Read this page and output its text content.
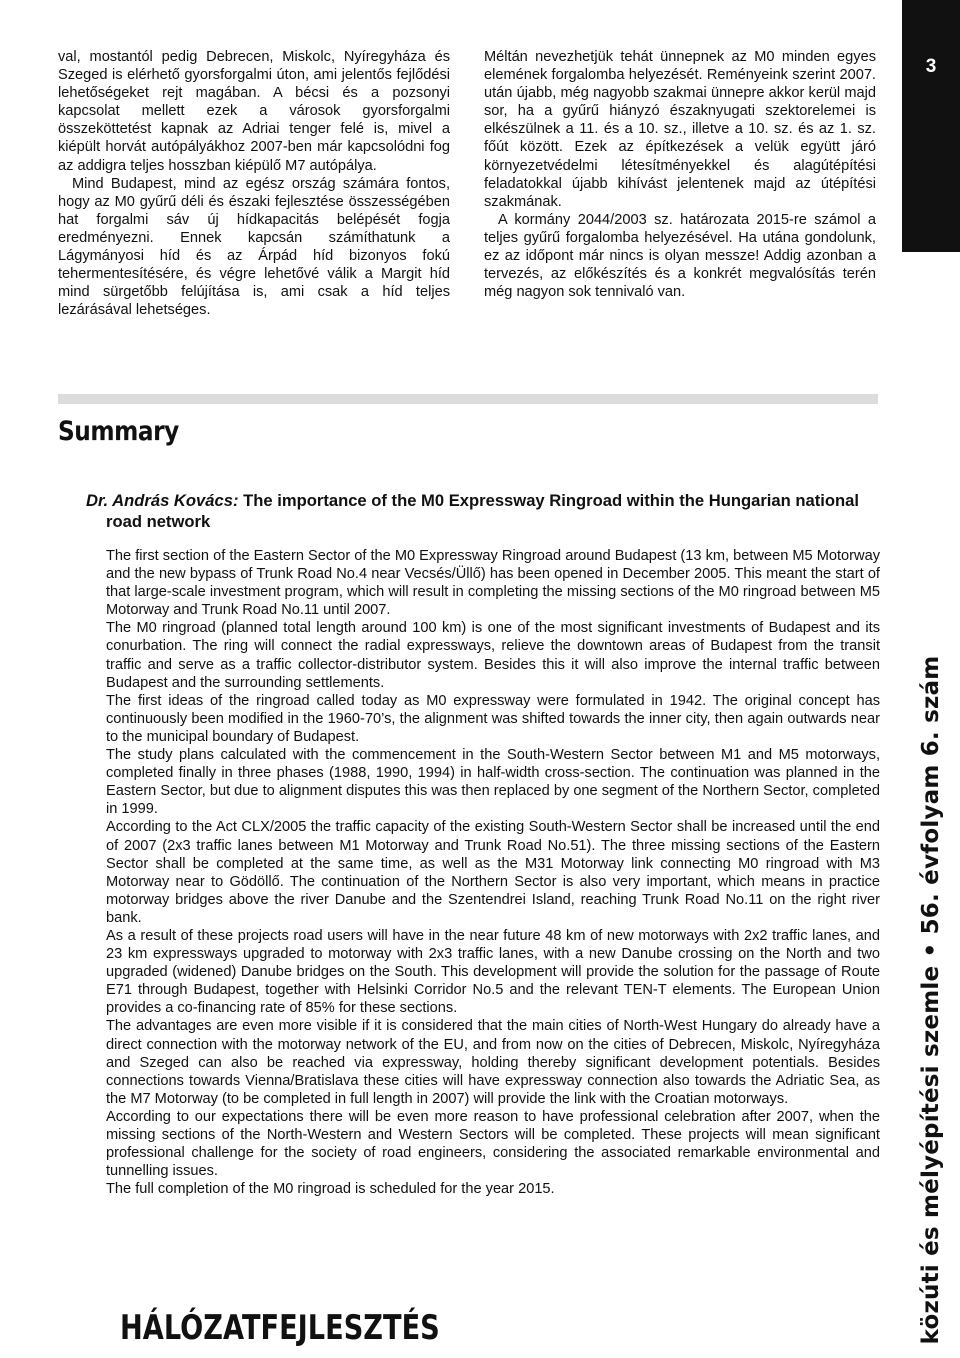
3

val, mostantól pedig Debrecen, Miskolc, Nyíregyháza és Szeged is elérhető gyorsforgalmi úton, ami jelentős fejlődési lehetőségeket rejt magában. A bécsi és a pozsonyi kapcsolat mellett ezek a városok gyorsforgalmi összeköttetést kapnak az Adriai tenger felé is, mivel a kiépült horvát autópályákhoz 2007-ben már kapcsolódni fog az addigra teljes hosszban kiépülő M7 autópálya.

Mind Budapest, mind az egész ország számára fontos, hogy az M0 gyűrű déli és északi fejlesztése összességében hat forgalmi sáv új hídkapacitás belépését fogja eredményezni. Ennek kapcsán számíthatunk a Lágymányosi híd és az Árpád híd bizonyos fokú tehermentesítésére, és végre lehetővé válik a Margit híd mind sürgetőbb felújítása is, ami csak a híd teljes lezárásával lehetséges.

Méltán nevezhetjük tehát ünnepnek az M0 minden egyes elemének forgalomba helyezését. Reményeink szerint 2007. után újabb, még nagyobb szakmai ünnepre akkor kerül majd sor, ha a gyűrű hiányzó északnyugati szektorelemei is elkészülnek a 11. és a 10. sz., illetve a 10. sz. és az 1. sz. főút között. Ezek az építkezések a velük együtt járó környezetvédelmi létesítményekkel és alagútépítési feladatokkal újabb kihívást jelentenek majd az útépítési szakmának.

A kormány 2044/2003 sz. határozata 2015-re számol a teljes gyűrű forgalomba helyezésével. Ha utána gondolunk, ez az időpont már nincs is olyan messze! Addig azonban a tervezés, az előkészítés és a konkrét megvalósítás terén még nagyon sok tennivaló van.

Summary

Dr. András Kovács: The importance of the M0 Expressway Ringroad within the Hungarian national road network

The first section of the Eastern Sector of the M0 Expressway Ringroad around Budapest (13 km, between M5 Motorway and the new bypass of Trunk Road No.4 near Vecsés/Üllő) has been opened in December 2005. This meant the start of that large-scale investment program, which will result in completing the missing sections of the M0 ringroad between M5 Motorway and Trunk Road No.11 until 2007.

The M0 ringroad (planned total length around 100 km) is one of the most significant investments of Budapest and its conurbation. The ring will connect the radial expressways, relieve the downtown areas of Budapest from the transit traffic and serve as a traffic collector-distributor system. Besides this it will also improve the internal traffic between Budapest and the surrounding settlements.

The first ideas of the ringroad called today as M0 expressway were formulated in 1942. The original concept has continuously been modified in the 1960-70’s, the alignment was shifted towards the inner city, then again outwards near to the municipal boundary of Budapest.

The study plans calculated with the commencement in the South-Western Sector between M1 and M5 motorways, completed finally in three phases (1988, 1990, 1994) in half-width cross-section. The continuation was planned in the Eastern Sector, but due to alignment disputes this was then replaced by one segment of the Northern Sector, completed in 1999.

According to the Act CLX/2005 the traffic capacity of the existing South-Western Sector shall be increased until the end of 2007 (2x3 traffic lanes between M1 Motorway and Trunk Road No.51). The three missing sections of the Eastern Sector shall be completed at the same time, as well as the M31 Motorway link connecting M0 ringroad with M3 Motorway near to Gödöllő. The continuation of the Northern Sector is also very important, which means in practice motorway bridges above the river Danube and the Szentendrei Island, reaching Trunk Road No.11 on the right river bank.

As a result of these projects road users will have in the near future 48 km of new motorways with 2x2 traffic lanes, and 23 km expressways upgraded to motorway with 2x3 traffic lanes, with a new Danube crossing on the North and two upgraded (widened) Danube bridges on the South. This development will provide the solution for the passage of Route E71 through Budapest, together with Helsinki Corridor No.5 and the relevant TEN-T elements. The European Union provides a co-financing rate of 85% for these sections.

The advantages are even more visible if it is considered that the main cities of North-West Hungary do already have a direct connection with the motorway network of the EU, and from now on the cities of Debrecen, Miskolc, Nyíregyháza and Szeged can also be reached via expressway, holding thereby significant development potentials. Besides connections towards Vienna/Bratislava these cities will have expressway connection also towards the Adriatic Sea, as the M7 Motorway (to be completed in full length in 2007) will provide the link with the Croatian motorways.

According to our expectations there will be even more reason to have professional celebration after 2007, when the missing sections of the North-Western and Western Sectors will be completed. These projects will mean significant professional challenge for the society of road engineers, considering the associated remarkable environmental and tunnelling issues.

The full completion of the M0 ringroad is scheduled for the year 2015.	közúti és mélyépítési szemle • 56. évfolyam 6. szám
HÁLÓZATFEJLESZTÉS
